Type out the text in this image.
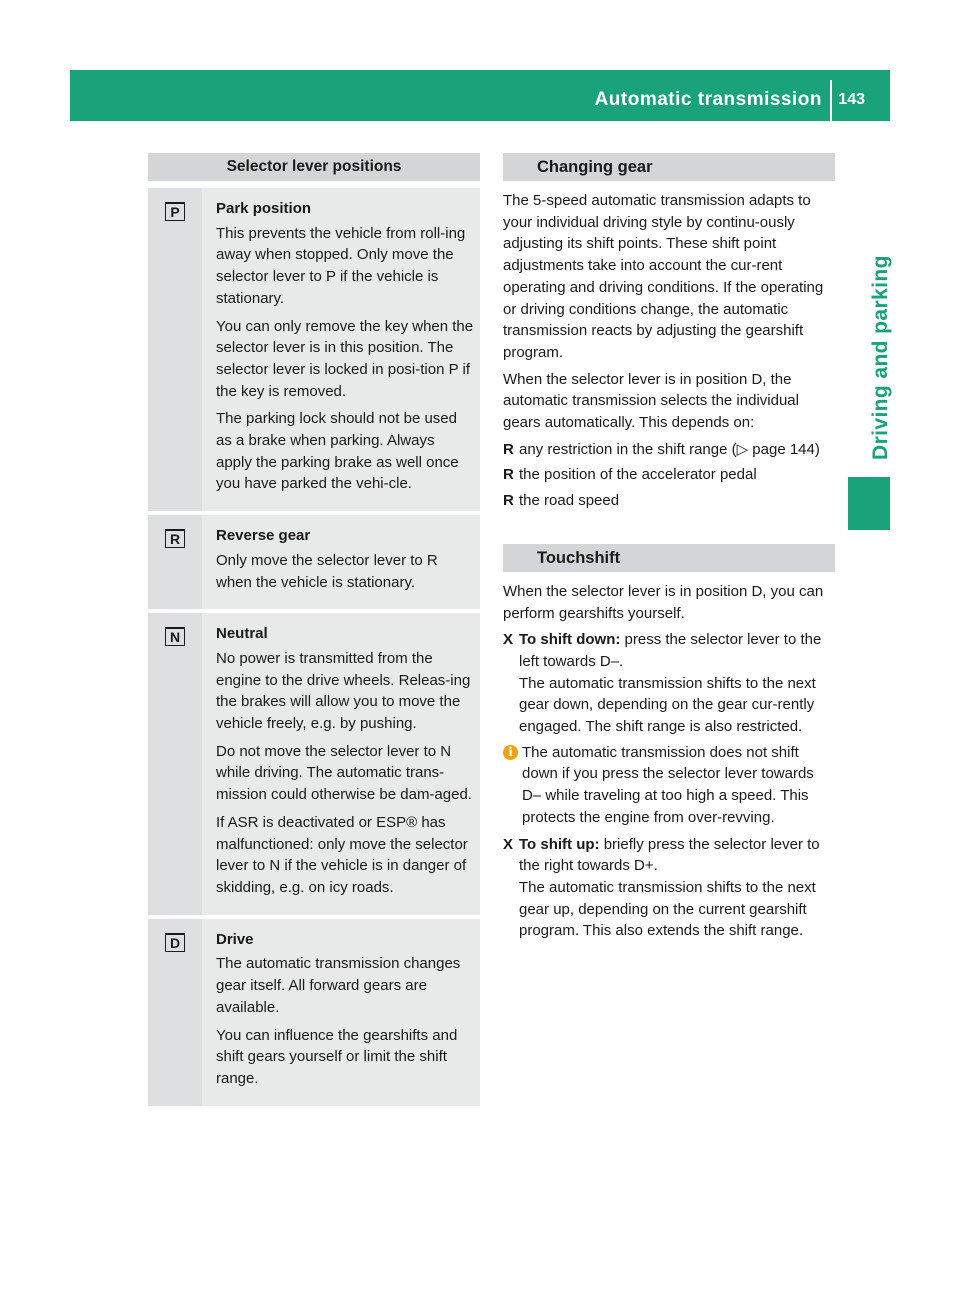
Automatic transmission 143
Driving and parking
Selector lever positions
P	Park position

This prevents the vehicle from roll-ing away when stopped. Only move the selector lever to P if the vehicle is stationary.

You can only remove the key when the selector lever is in this position. The selector lever is locked in posi-tion P if the key is removed.

The parking lock should not be used as a brake when parking. Always apply the parking brake as well once you have parked the vehi-cle.

R	Reverse gear

Only move the selector lever to R when the vehicle is stationary.

N	Neutral

No power is transmitted from the engine to the drive wheels. Releas-ing the brakes will allow you to move the vehicle freely, e.g. by pushing.

Do not move the selector lever to N while driving. The automatic trans-mission could otherwise be dam-aged.

If ASR is deactivated or ESP® has malfunctioned: only move the selector lever to N if the vehicle is in danger of skidding, e.g. on icy roads.

D	Drive

The automatic transmission changes gear itself. All forward gears are available.

You can influence the gearshifts and shift gears yourself or limit the shift range.

Changing gear

The 5-speed automatic transmission adapts to your individual driving style by continu-ously adjusting its shift points. These shift point adjustments take into account the cur-rent operating and driving conditions. If the operating or driving conditions change, the automatic transmission reacts by adjusting the gearshift program.

When the selector lever is in position D, the automatic transmission selects the individual gears automatically. This depends on:

R any restriction in the shift range (▷ page 144)
R the position of the accelerator pedal
R the road speed
Touchshift

When the selector lever is in position D, you can perform gearshifts yourself.

X To shift down: press the selector lever to the left towards D–.
The automatic transmission shifts to the next gear down, depending on the gear cur-rently engaged. The shift range is also restricted.
i The automatic transmission does not shift down if you press the selector lever towards D– while traveling at too high a speed. This protects the engine from over-revving.
X To shift up: briefly press the selector lever to the right towards D+.
The automatic transmission shifts to the next gear up, depending on the current gearshift program. This also extends the shift range.
